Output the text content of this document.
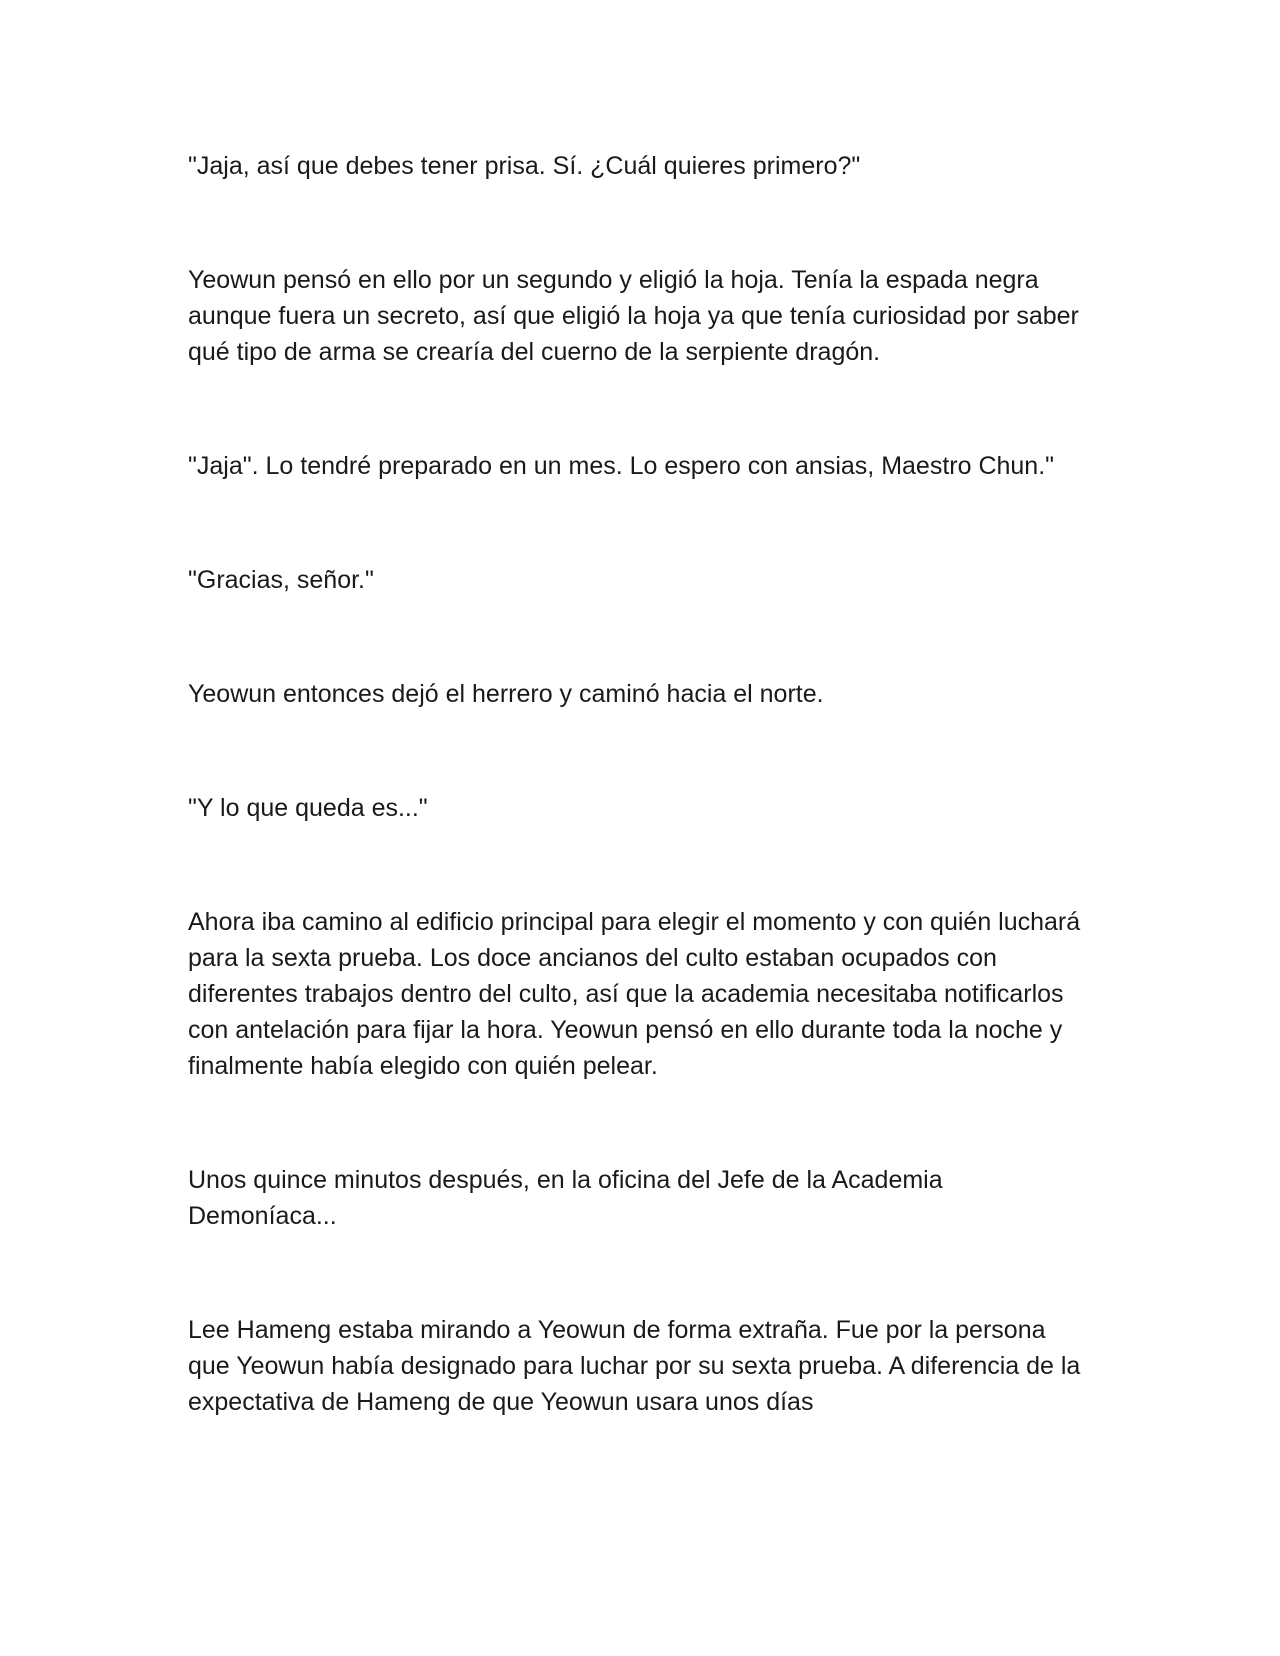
"Jaja, así que debes tener prisa. Sí. ¿Cuál quieres primero?"

Yeowun pensó en ello por un segundo y eligió la hoja. Tenía la espada negra aunque fuera un secreto, así que eligió la hoja ya que tenía curiosidad por saber qué tipo de arma se crearía del cuerno de la serpiente dragón.

"Jaja". Lo tendré preparado en un mes. Lo espero con ansias, Maestro Chun."

"Gracias, señor."

Yeowun entonces dejó el herrero y caminó hacia el norte.

"Y lo que queda es..."

Ahora iba camino al edificio principal para elegir el momento y con quién luchará para la sexta prueba. Los doce ancianos del culto estaban ocupados con diferentes trabajos dentro del culto, así que la academia necesitaba notificarlos con antelación para fijar la hora. Yeowun pensó en ello durante toda la noche y finalmente había elegido con quién pelear.

Unos quince minutos después, en la oficina del Jefe de la Academia Demoníaca...

Lee Hameng estaba mirando a Yeowun de forma extraña. Fue por la persona que Yeowun había designado para luchar por su sexta prueba. A diferencia de la expectativa de Hameng de que Yeowun usara unos días
